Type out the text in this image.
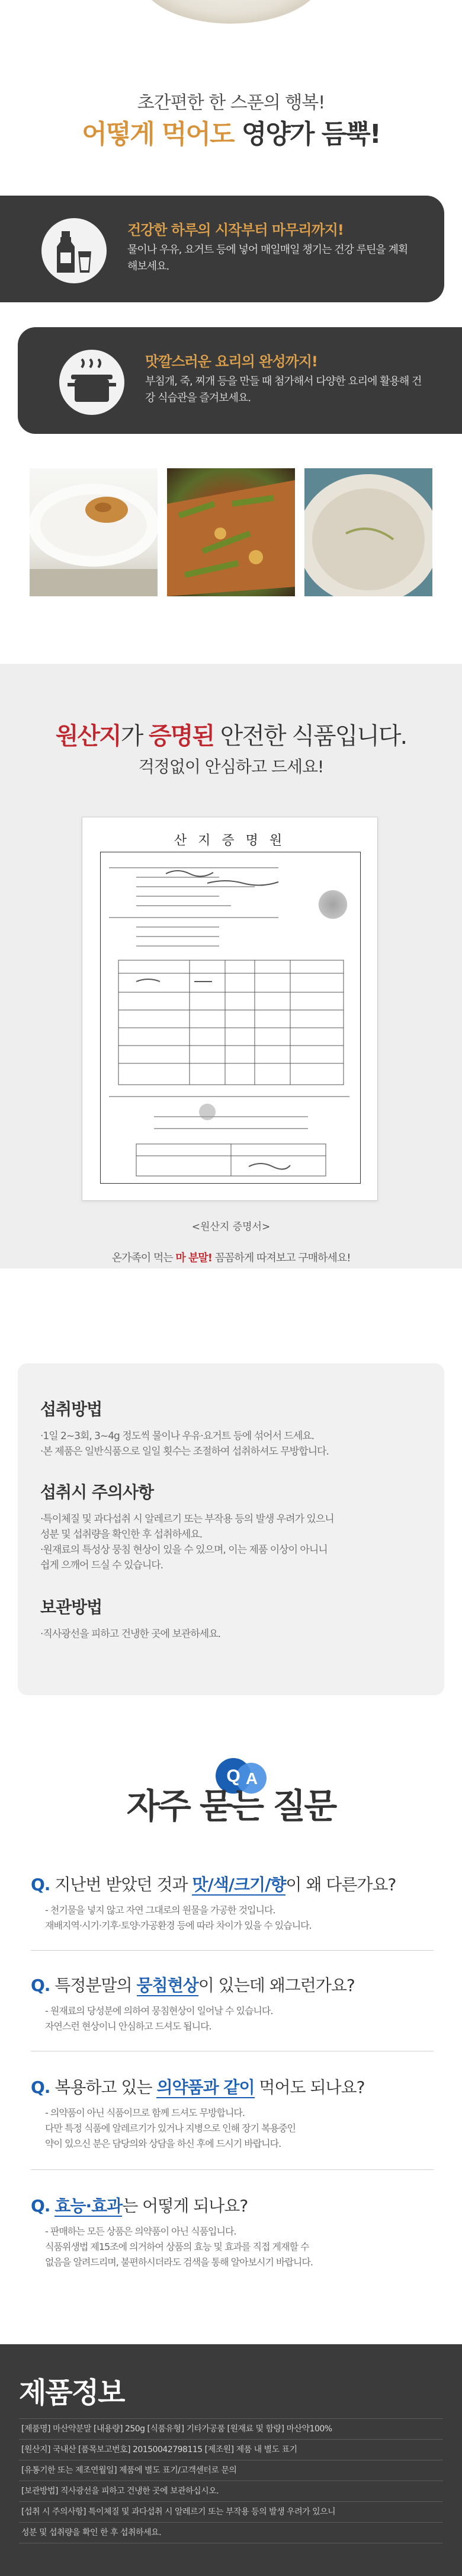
초간편한 한 스푼의 행복!
어떻게 먹어도 영양가 듬뿍!
건강한 하루의 시작부터 마무리까지!
물이나 우유, 요거트 등에 넣어 매일매일 챙기는 건강 루틴을 계획해보세요.
맛깔스러운 요리의 완성까지!
부침개, 죽, 찌개 등을 만들 때 첨가해서 다양한 요리에 활용해 건강 식습관을 즐겨보세요.
원산지가 증명된 안전한 식품입니다.
걱정없이 안심하고 드세요!
산 지 증 명 원
<원산지 증명서>
온가족이 먹는 마 분말! 꼼꼼하게 따져보고 구매하세요!
섭취방법
·1일 2~3회, 3~4g 정도씩 물이나 우유·요거트 등에 섞어서 드세요.
·본 제품은 일반식품으로 일일 횟수는 조절하여 섭취하셔도 무방합니다.
섭취시 주의사항
·특이체질 및 과다섭취 시 알레르기 또는 부작용 등의 발생 우려가 있으니
성분 및 섭취량을 확인한 후 섭취하세요.
·원재료의 특성상 뭉침 현상이 있을 수 있으며, 이는 제품 이상이 아니니
쉽게 으깨어 드실 수 있습니다.
보관방법
·직사광선을 피하고 건냉한 곳에 보관하세요.
Q A
자주 묻는 질문
Q. 지난번 받았던 것과 맛/색/크기/향이 왜 다른가요?
- 천기물을 넣지 않고 자연 그대로의 원물을 가공한 것입니다.
재배지역·시기·기후·토양·가공환경 등에 따라 차이가 있을 수 있습니다.
Q. 특정분말의 뭉침현상이 있는데 왜그런가요?
- 원재료의 당성분에 의하여 뭉침현상이 일어날 수 있습니다.
자연스런 현상이니 안심하고 드셔도 됩니다.
Q. 복용하고 있는 의약품과 같이 먹어도 되나요?
- 의약품이 아닌 식품이므로 함께 드셔도 무방합니다.
다만 특정 식품에 알레르기가 있거나 지병으로 인해 장기 복용중인
약이 있으신 분은 담당의와 상담을 하신 후에 드시기 바랍니다.
Q. 효능·효과는 어떻게 되나요?
- 판매하는 모든 상품은 의약품이 아닌 식품입니다.
식품위생법 제15조에 의거하여 상품의 효능 및 효과를 직접 게재할 수
없음을 알려드리며, 불편하시더라도 검색을 통해 알아보시기 바랍니다.
제품정보
[제품명] 마산약분말 [내용량] 250g [식품유형] 기타가공품 [원재료 및 함량] 마산약100%
[원산지] 국내산 [품목보고번호] 20150042798115 [제조원] 제품 내 별도 표기
[유통기한 또는 제조연월일] 제품에 별도 표기/고객센터로 문의
[보관방법] 직사광선을 피하고 건냉한 곳에 보관하십시오.
[섭취 시 주의사항] 특이체질 및 과다섭취 시 알레르기 또는 부작용 등의 발생 우려가 있으니
성분 및 섭취량을 확인 한 후 섭취하세요.
